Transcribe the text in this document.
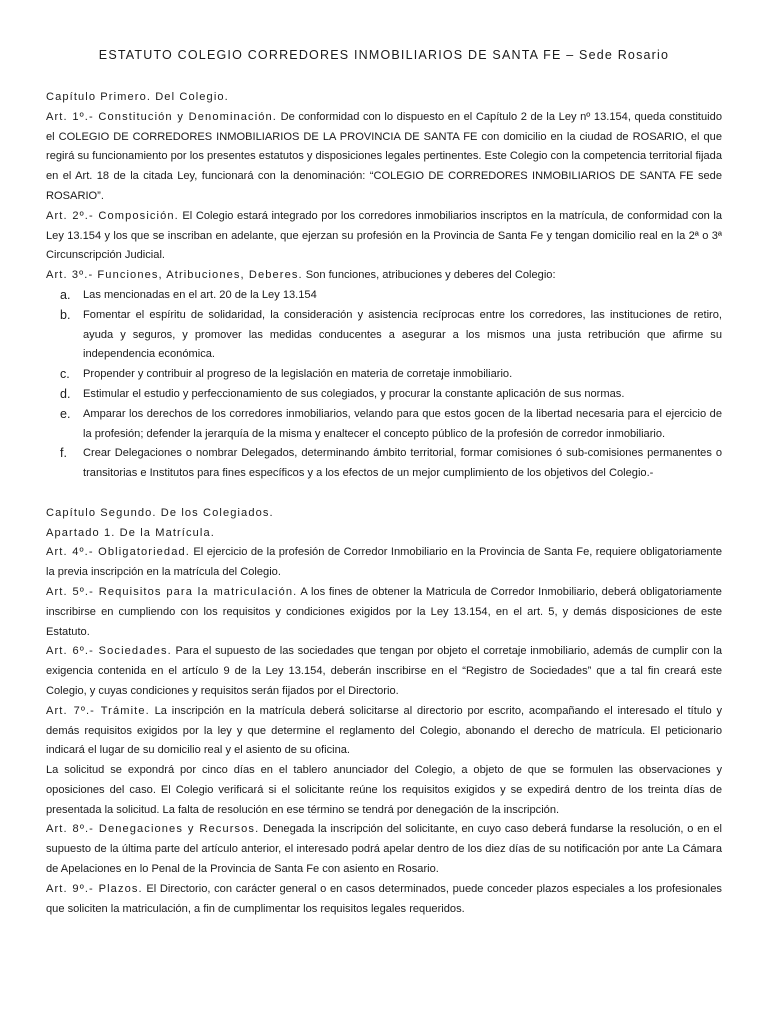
ESTATUTO COLEGIO CORREDORES INMOBILIARIOS DE SANTA FE – Sede Rosario

Capítulo Primero. Del Colegio.

Art. 1º.- Constitución y Denominación. De conformidad con lo dispuesto en el Capítulo 2 de la Ley nº 13.154, queda constituido el COLEGIO DE CORREDORES INMOBILIARIOS DE LA PROVINCIA DE SANTA FE con domicilio en la ciudad de ROSARIO, el que regirá su funcionamiento por los presentes estatutos y disposiciones legales pertinentes. Este Colegio con la competencia territorial fijada en el Art. 18 de la citada Ley, funcionará con la denominación: “COLEGIO DE CORREDORES INMOBILIARIOS DE SANTA FE sede ROSARIO”.

Art. 2º.- Composición. El Colegio estará integrado por los corredores inmobiliarios inscriptos en la matrícula, de conformidad con la Ley 13.154 y los que se inscriban en adelante, que ejerzan su profesión en la Provincia de Santa Fe y tengan domicilio real en la 2ª o 3ª Circunscripción Judicial.

Art. 3º.- Funciones, Atribuciones, Deberes. Son funciones, atribuciones y deberes del Colegio:

a. Las mencionadas en el art. 20 de la Ley 13.154
b. Fomentar el espíritu de solidaridad, la consideración y asistencia recíprocas entre los corredores, las instituciones de retiro, ayuda y seguros, y promover las medidas conducentes a asegurar a los mismos una justa retribución que afirme su independencia económica.
c. Propender y contribuir al progreso de la legislación en materia de corretaje inmobiliario.
d. Estimular el estudio y perfeccionamiento de sus colegiados, y procurar la constante aplicación de sus normas.
e. Amparar los derechos de los corredores inmobiliarios, velando para que estos gocen de la libertad necesaria para el ejercicio de la profesión; defender la jerarquía de la misma y enaltecer el concepto público de la profesión de corredor inmobiliario.
f. Crear Delegaciones o nombrar Delegados, determinando ámbito territorial, formar comisiones ó sub-comisiones permanentes o transitorias e Institutos para fines específicos y a los efectos de un mejor cumplimiento de los objetivos del Colegio.-

Capítulo Segundo. De los Colegiados.

Apartado 1. De la Matrícula.

Art. 4º.- Obligatoriedad. El ejercicio de la profesión de Corredor Inmobiliario en la Provincia de Santa Fe, requiere obligatoriamente la previa inscripción en la matrícula del Colegio.

Art. 5º.- Requisitos para la matriculación. A los fines de obtener la Matricula de Corredor Inmobiliario, deberá obligatoriamente inscribirse en cumpliendo con los requisitos y condiciones exigidos por la Ley 13.154, en el art. 5, y demás disposiciones de este Estatuto.

Art. 6º.- Sociedades. Para el supuesto de las sociedades que tengan por objeto el corretaje inmobiliario, además de cumplir con la exigencia contenida en el artículo 9 de la Ley 13.154, deberán inscribirse en el “Registro de Sociedades” que a tal fin creará este Colegio, y cuyas condiciones y requisitos serán fijados por el Directorio.

Art. 7º.- Trámite. La inscripción en la matrícula deberá solicitarse al directorio por escrito, acompañando el interesado el título y demás requisitos exigidos por la ley y que determine el reglamento del Colegio, abonando el derecho de matrícula. El peticionario indicará el lugar de su domicilio real y el asiento de su oficina.

La solicitud se expondrá por cinco días en el tablero anunciador del Colegio, a objeto de que se formulen las observaciones y oposiciones del caso. El Colegio verificará si el solicitante reúne los requisitos exigidos y se expedirá dentro de los treinta días de presentada la solicitud. La falta de resolución en ese término se tendrá por denegación de la inscripción.

Art. 8º.- Denegaciones y Recursos. Denegada la inscripción del solicitante, en cuyo caso deberá fundarse la resolución, o en el supuesto de la última parte del artículo anterior, el interesado podrá apelar dentro de los diez días de su notificación por ante La Cámara de Apelaciones en lo Penal de la Provincia de Santa Fe con asiento en Rosario.

Art. 9º.- Plazos. El Directorio, con carácter general o en casos determinados, puede conceder plazos especiales a los profesionales que soliciten la matriculación, a fin de cumplimentar los requisitos legales requeridos.
